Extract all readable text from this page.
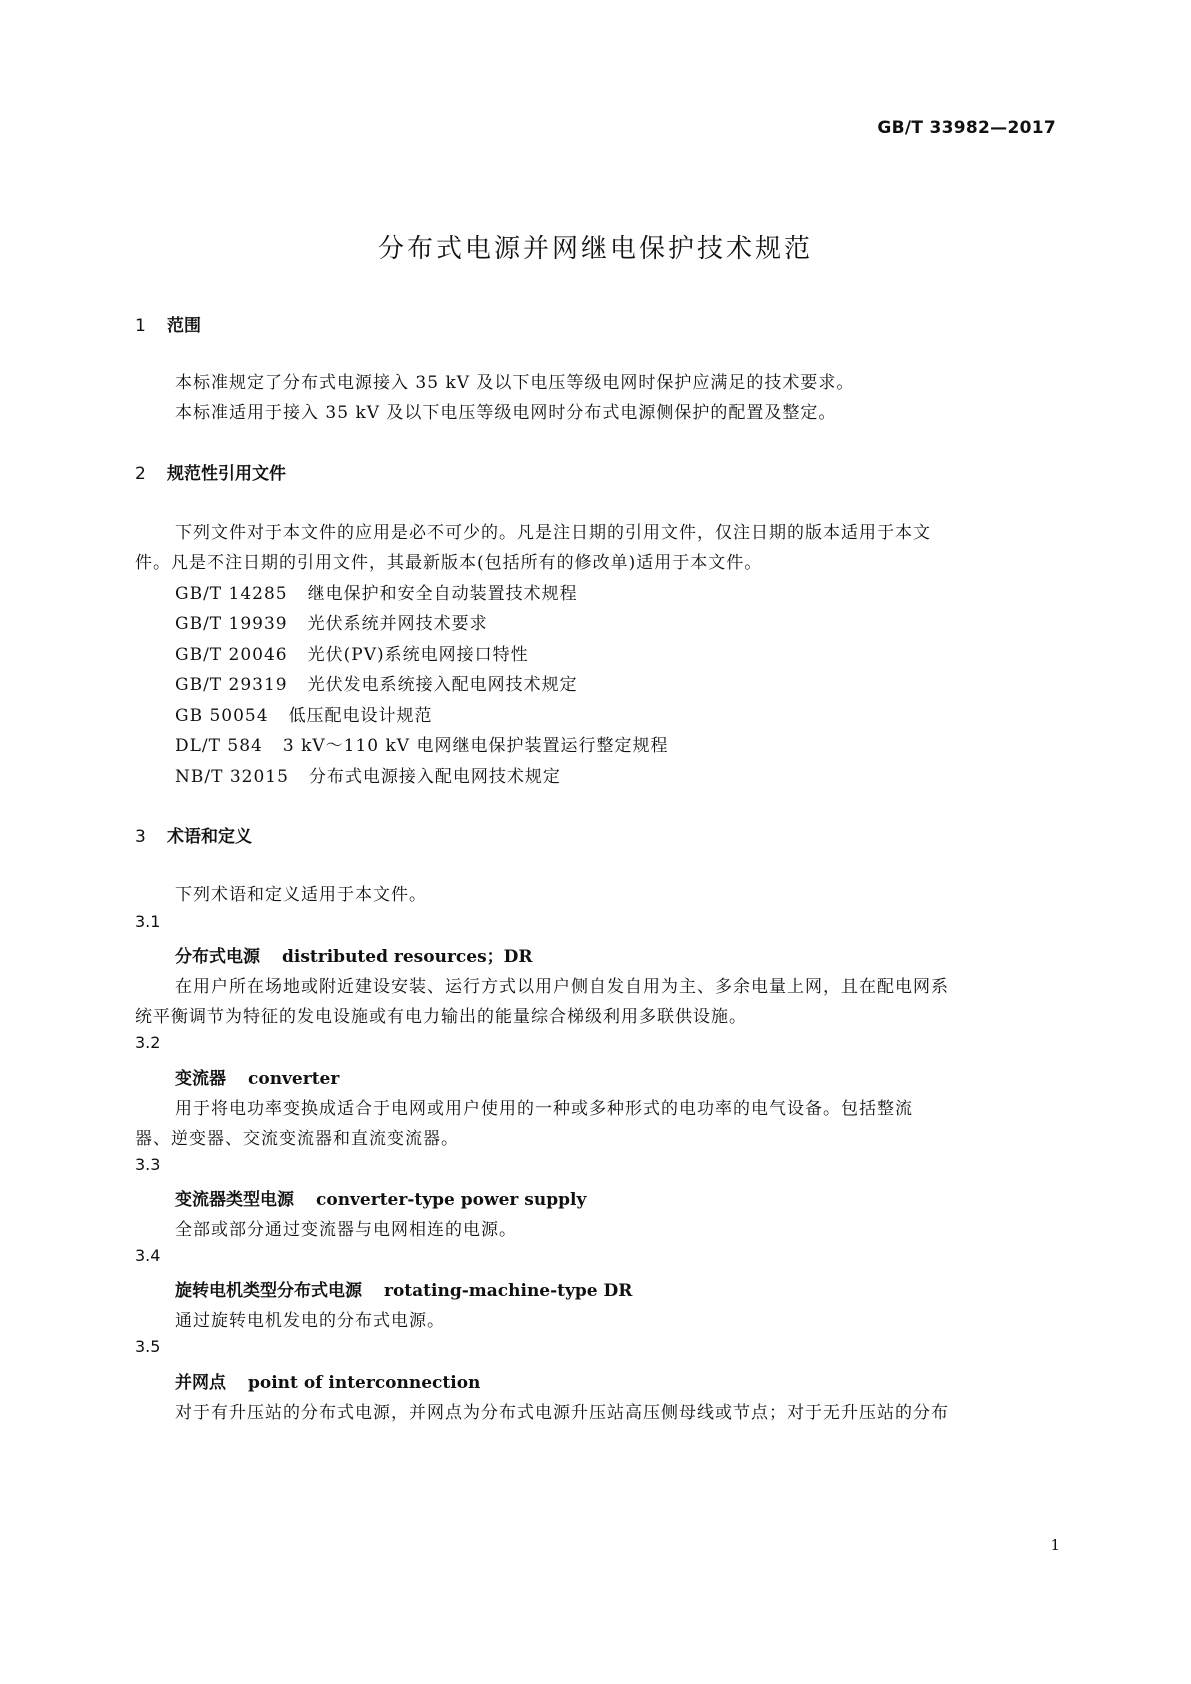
GB/T 33982—2017
分布式电源并网继电保护技术规范
1 范围
本标准规定了分布式电源接入 35 kV 及以下电压等级电网时保护应满足的技术要求。
本标准适用于接入 35 kV 及以下电压等级电网时分布式电源侧保护的配置及整定。
2 规范性引用文件
下列文件对于本文件的应用是必不可少的。凡是注日期的引用文件，仅注日期的版本适用于本文
件。凡是不注日期的引用文件，其最新版本(包括所有的修改单)适用于本文件。
GB/T 14285 继电保护和安全自动装置技术规程
GB/T 19939 光伏系统并网技术要求
GB/T 20046 光伏(PV)系统电网接口特性
GB/T 29319 光伏发电系统接入配电网技术规定
GB 50054 低压配电设计规范
DL/T 584 3 kV～110 kV 电网继电保护装置运行整定规程
NB/T 32015 分布式电源接入配电网技术规定
3 术语和定义
下列术语和定义适用于本文件。
3.1
分布式电源 distributed resources；DR
在用户所在场地或附近建设安装、运行方式以用户侧自发自用为主、多余电量上网，且在配电网系
统平衡调节为特征的发电设施或有电力输出的能量综合梯级利用多联供设施。
3.2
变流器 converter
用于将电功率变换成适合于电网或用户使用的一种或多种形式的电功率的电气设备。包括整流
器、逆变器、交流变流器和直流变流器。
3.3
变流器类型电源 converter-type power supply
全部或部分通过变流器与电网相连的电源。
3.4
旋转电机类型分布式电源 rotating-machine-type DR
通过旋转电机发电的分布式电源。
3.5
并网点 point of interconnection
对于有升压站的分布式电源，并网点为分布式电源升压站高压侧母线或节点；对于无升压站的分布
1
